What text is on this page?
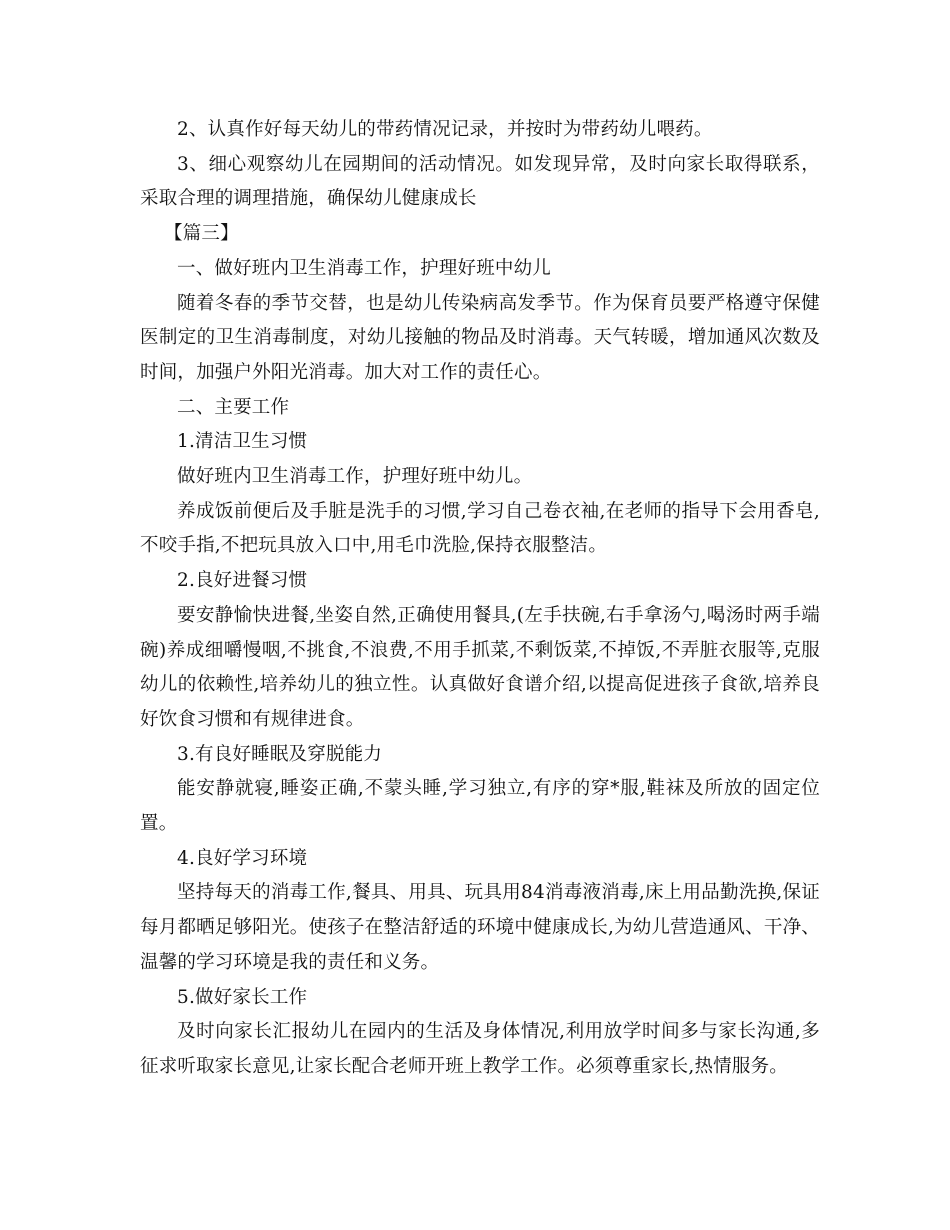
2、认真作好每天幼儿的带药情况记录，并按时为带药幼儿喂药。

3、细心观察幼儿在园期间的活动情况。如发现异常，及时向家长取得联系，采取合理的调理措施，确保幼儿健康成长

【篇三】

一、做好班内卫生消毒工作，护理好班中幼儿

随着冬春的季节交替，也是幼儿传染病高发季节。作为保育员要严格遵守保健医制定的卫生消毒制度，对幼儿接触的物品及时消毒。天气转暖，增加通风次数及时间，加强户外阳光消毒。加大对工作的责任心。

二、主要工作

1.清洁卫生习惯

做好班内卫生消毒工作，护理好班中幼儿。

养成饭前便后及手脏是洗手的习惯,学习自己卷衣袖,在老师的指导下会用香皂,不咬手指,不把玩具放入口中,用毛巾洗脸,保持衣服整洁。

2.良好进餐习惯

要安静愉快进餐,坐姿自然,正确使用餐具,(左手扶碗,右手拿汤勺,喝汤时两手端碗)养成细嚼慢咽,不挑食,不浪费,不用手抓菜,不剩饭菜,不掉饭,不弄脏衣服等,克服幼儿的依赖性,培养幼儿的独立性。认真做好食谱介绍,以提高促进孩子食欲,培养良好饮食习惯和有规律进食。

3.有良好睡眠及穿脱能力

能安静就寝,睡姿正确,不蒙头睡,学习独立,有序的穿*服,鞋袜及所放的固定位置。

4.良好学习环境

坚持每天的消毒工作,餐具、用具、玩具用84消毒液消毒,床上用品勤洗换,保证每月都晒足够阳光。使孩子在整洁舒适的环境中健康成长,为幼儿营造通风、干净、温馨的学习环境是我的责任和义务。

5.做好家长工作

及时向家长汇报幼儿在园内的生活及身体情况,利用放学时间多与家长沟通,多征求听取家长意见,让家长配合老师开班上教学工作。必须尊重家长,热情服务。
